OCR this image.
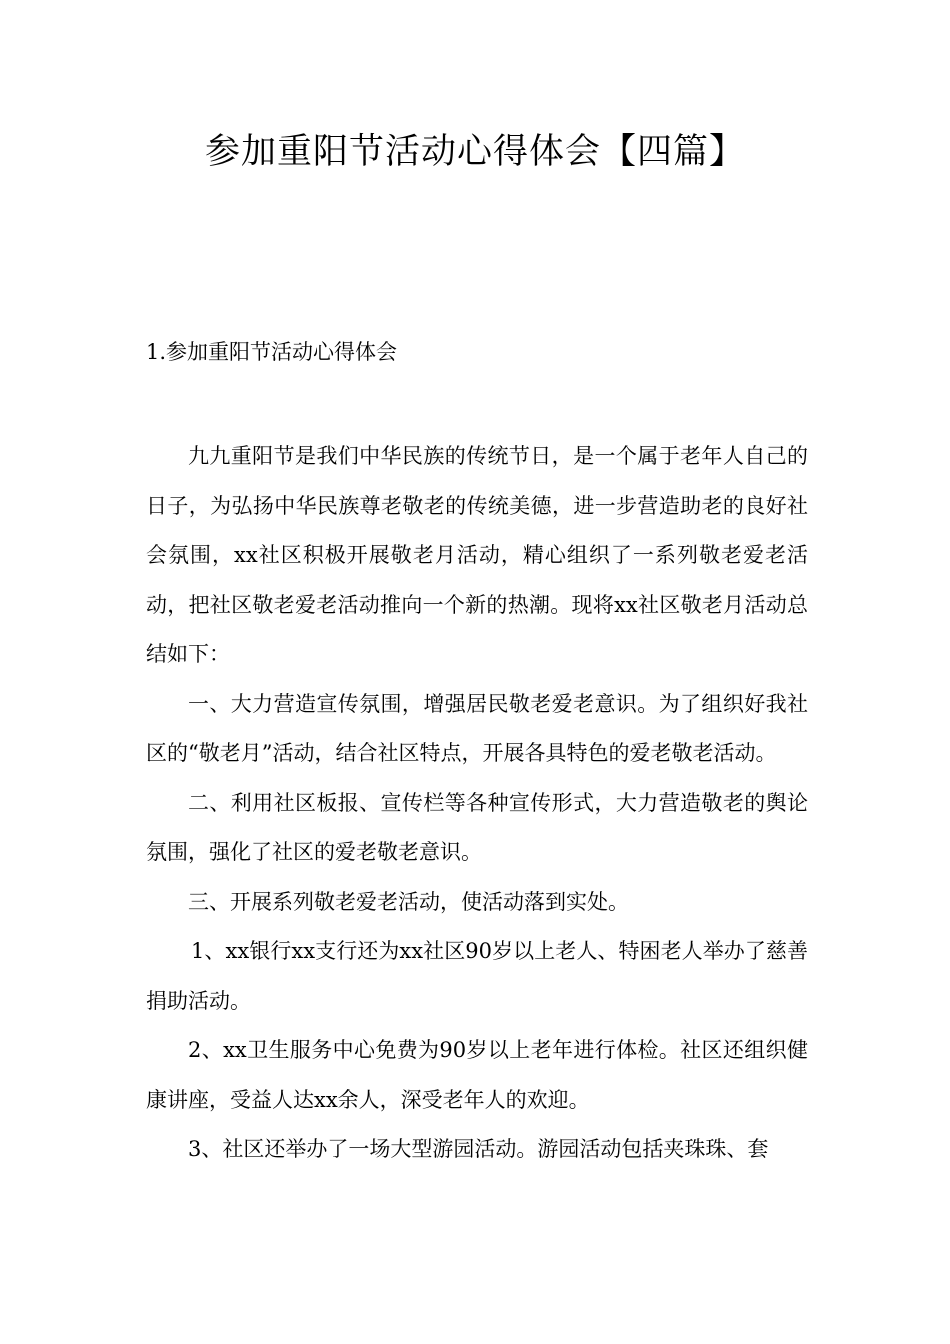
参加重阳节活动心得体会【四篇】
1.参加重阳节活动心得体会

九九重阳节是我们中华民族的传统节日，是一个属于老年人自己的日子，为弘扬中华民族尊老敬老的传统美德，进一步营造助老的良好社会氛围，xx社区积极开展敬老月活动，精心组织了一系列敬老爱老活动，把社区敬老爱老活动推向一个新的热潮。现将xx社区敬老月活动总结如下：

一、大力营造宣传氛围，增强居民敬老爱老意识。为了组织好我社区的“敬老月”活动，结合社区特点，开展各具特色的爱老敬老活动。

二、利用社区板报、宣传栏等各种宣传形式，大力营造敬老的舆论氛围，强化了社区的爱老敬老意识。

三、开展系列敬老爱老活动，使活动落到实处。

1、xx银行xx支行还为xx社区90岁以上老人、特困老人举办了慈善捐助活动。

2、xx卫生服务中心免费为90岁以上老年进行体检。社区还组织健康讲座，受益人达xx余人，深受老年人的欢迎。

3、社区还举办了一场大型游园活动。游园活动包括夹珠珠、套
